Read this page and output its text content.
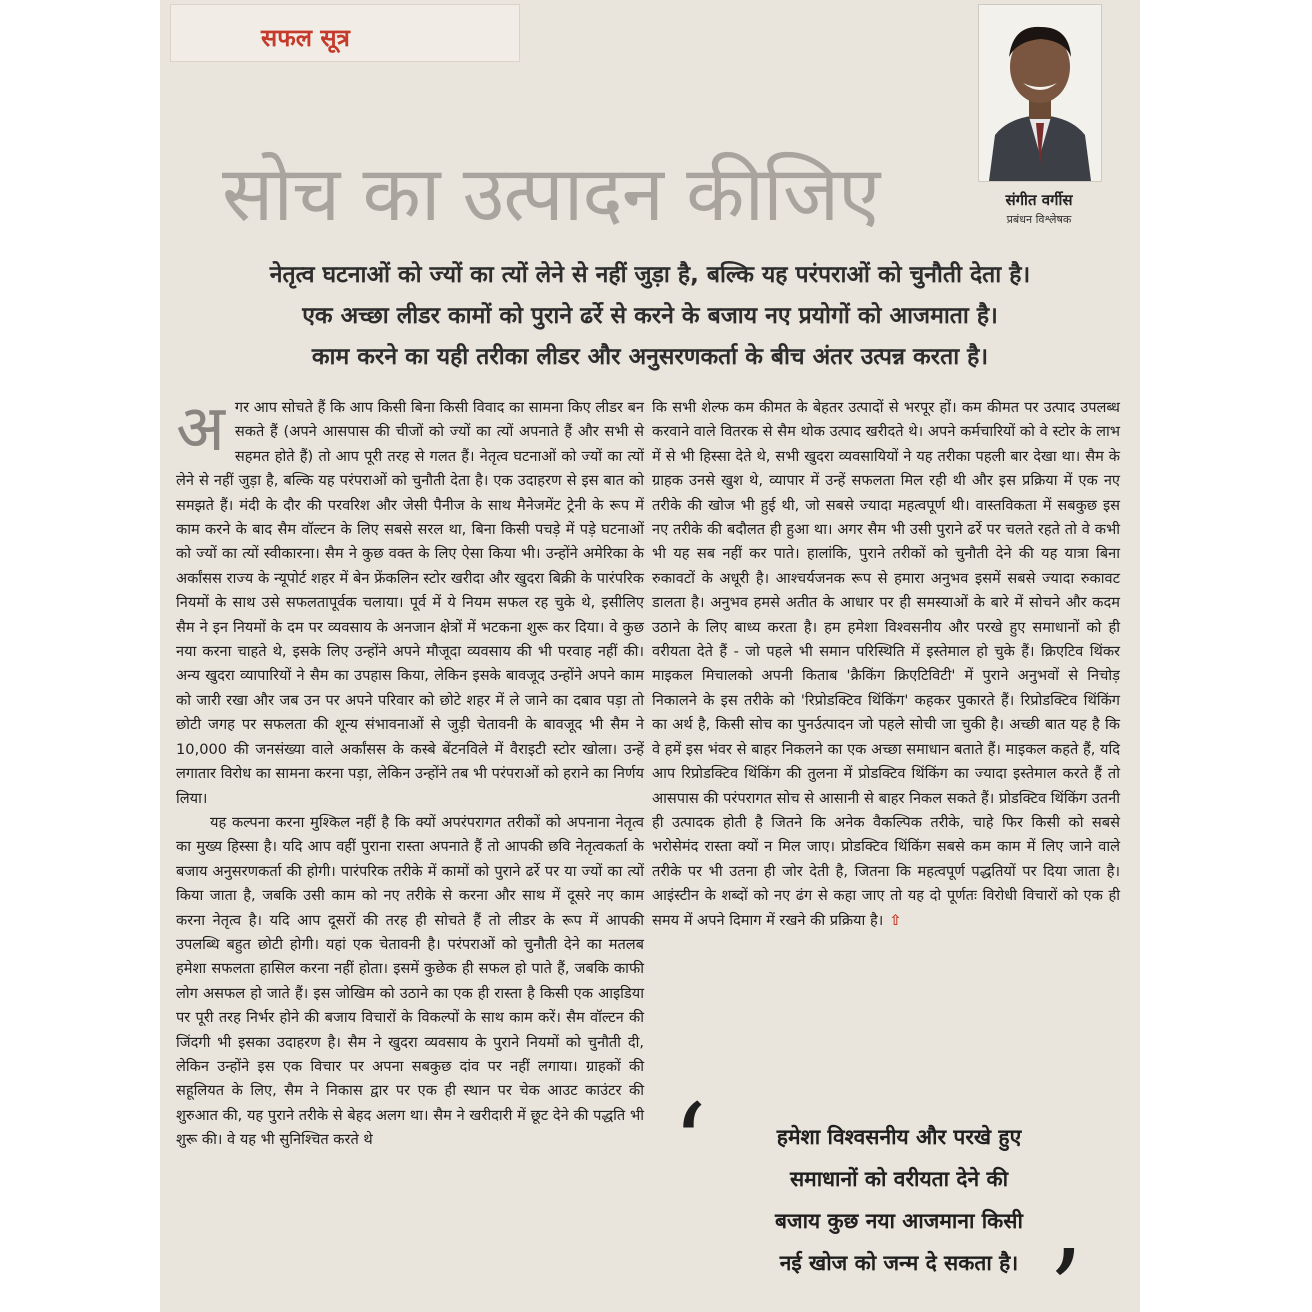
सफल सूत्र
संगीत वर्गीस
प्रबंधन विश्लेषक
सोच का उत्पादन कीजिए
नेतृत्व घटनाओं को ज्यों का त्यों लेने से नहीं जुड़ा है, बल्कि यह परंपराओं को चुनौती देता है।
एक अच्छा लीडर कामों को पुराने ढर्रे से करने के बजाय नए प्रयोगों को आजमाता है।
काम करने का यही तरीका लीडर और अनुसरणकर्ता के बीच अंतर उत्पन्न करता है।

अगर आप सोचते हैं कि आप किसी बिना किसी विवाद का सामना किए लीडर बन सकते हैं (अपने आसपास की चीजों को ज्यों का त्यों अपनाते हैं और सभी से सहमत होते हैं) तो आप पूरी तरह से गलत हैं। नेतृत्व घटनाओं को ज्यों का त्यों लेने से नहीं जुड़ा है, बल्कि यह परंपराओं को चुनौती देता है। एक उदाहरण से इस बात को समझते हैं। मंदी के दौर की परवरिश और जेसी पैनीज के साथ मैनेजमेंट ट्रेनी के रूप में काम करने के बाद सैम वॉल्टन के लिए सबसे सरल था, बिना किसी पचड़े में पड़े घटनाओं को ज्यों का त्यों स्वीकारना। सैम ने कुछ वक्त के लिए ऐसा किया भी। उन्होंने अमेरिका के अर्कांसस राज्य के न्यूपोर्ट शहर में बेन फ्रेंकलिन स्टोर खरीदा और खुदरा बिक्री के पारंपरिक नियमों के साथ उसे सफलतापूर्वक चलाया। पूर्व में ये नियम सफल रह चुके थे, इसीलिए सैम ने इन नियमों के दम पर व्यवसाय के अनजान क्षेत्रों में भटकना शुरू कर दिया। वे कुछ नया करना चाहते थे, इसके लिए उन्होंने अपने मौजूदा व्यवसाय की भी परवाह नहीं की। अन्य खुदरा व्यापारियों ने सैम का उपहास किया, लेकिन इसके बावजूद उन्होंने अपने काम को जारी रखा और जब उन पर अपने परिवार को छोटे शहर में ले जाने का दबाव पड़ा तो छोटी जगह पर सफलता की शून्य संभावनाओं से जुड़ी चेतावनी के बावजूद भी सैम ने 10,000 की जनसंख्या वाले अर्कांसस के कस्बे बेंटनविले में वैराइटी स्टोर खोला। उन्हें लगातार विरोध का सामना करना पड़ा, लेकिन उन्होंने तब भी परंपराओं को हराने का निर्णय लिया।

यह कल्पना करना मुश्किल नहीं है कि क्यों अपरंपरागत तरीकों को अपनाना नेतृत्व का मुख्य हिस्सा है। यदि आप वहीं पुराना रास्ता अपनाते हैं तो आपकी छवि नेतृत्वकर्ता के बजाय अनुसरणकर्ता की होगी। पारंपरिक तरीके में कामों को पुराने ढर्रे पर या ज्यों का त्यों किया जाता है, जबकि उसी काम को नए तरीके से करना और साथ में दूसरे नए काम करना नेतृत्व है। यदि आप दूसरों की तरह ही सोचते हैं तो लीडर के रूप में आपकी उपलब्धि बहुत छोटी होगी। यहां एक चेतावनी है। परंपराओं को चुनौती देने का मतलब हमेशा सफलता हासिल करना नहीं होता। इसमें कुछेक ही सफल हो पाते हैं, जबकि काफी लोग असफल हो जाते हैं। इस जोखिम को उठाने का एक ही रास्ता है किसी एक आइडिया पर पूरी तरह निर्भर होने की बजाय विचारों के विकल्पों के साथ काम करें। सैम वॉल्टन की जिंदगी भी इसका उदाहरण है। सैम ने खुदरा व्यवसाय के पुराने नियमों को चुनौती दी, लेकिन उन्होंने इस एक विचार पर अपना सबकुछ दांव पर नहीं लगाया। ग्राहकों की सहूलियत के लिए, सैम ने निकास द्वार पर एक ही स्थान पर चेक आउट काउंटर की शुरुआत की, यह पुराने तरीके से बेहद अलग था। सैम ने खरीदारी में छूट देने की पद्धति भी शुरू की। वे यह भी सुनिश्चित करते थे

कि सभी शेल्फ कम कीमत के बेहतर उत्पादों से भरपूर हों। कम कीमत पर उत्पाद उपलब्ध करवाने वाले वितरक से सैम थोक उत्पाद खरीदते थे। अपने कर्मचारियों को वे स्टोर के लाभ में से भी हिस्सा देते थे, सभी खुदरा व्यवसायियों ने यह तरीका पहली बार देखा था। सैम के ग्राहक उनसे खुश थे, व्यापार में उन्हें सफलता मिल रही थी और इस प्रक्रिया में एक नए तरीके की खोज भी हुई थी, जो सबसे ज्यादा महत्वपूर्ण थी। वास्तविकता में सबकुछ इस नए तरीके की बदौलत ही हुआ था। अगर सैम भी उसी पुराने ढर्रे पर चलते रहते तो वे कभी भी यह सब नहीं कर पाते। हालांकि, पुराने तरीकों को चुनौती देने की यह यात्रा बिना रुकावटों के अधूरी है। आश्चर्यजनक रूप से हमारा अनुभव इसमें सबसे ज्यादा रुकावट डालता है। अनुभव हमसे अतीत के आधार पर ही समस्याओं के बारे में सोचने और कदम उठाने के लिए बाध्य करता है। हम हमेशा विश्वसनीय और परखे हुए समाधानों को ही वरीयता देते हैं - जो पहले भी समान परिस्थिति में इस्तेमाल हो चुके हैं। क्रिएटिव थिंकर माइकल मिचालको अपनी किताब 'क्रैकिंग क्रिएटिविटी' में पुराने अनुभवों से निचोड़ निकालने के इस तरीके को 'रिप्रोडक्टिव थिंकिंग' कहकर पुकारते हैं। रिप्रोडक्टिव थिंकिंग का अर्थ है, किसी सोच का पुनर्उत्पादन जो पहले सोची जा चुकी है। अच्छी बात यह है कि वे हमें इस भंवर से बाहर निकलने का एक अच्छा समाधान बताते हैं। माइकल कहते हैं, यदि आप रिप्रोडक्टिव थिंकिंग की तुलना में प्रोडक्टिव थिंकिंग का ज्यादा इस्तेमाल करते हैं तो आसपास की परंपरागत सोच से आसानी से बाहर निकल सकते हैं। प्रोडक्टिव थिंकिंग उतनी ही उत्पादक होती है जितने कि अनेक वैकल्पिक तरीके, चाहे फिर किसी को सबसे भरोसेमंद रास्ता क्यों न मिल जाए। प्रोडक्टिव थिंकिंग सबसे कम काम में लिए जाने वाले तरीके पर भी उतना ही जोर देती है, जितना कि महत्वपूर्ण पद्धतियों पर दिया जाता है। आइंस्टीन के शब्दों को नए ढंग से कहा जाए तो यह दो पूर्णतः विरोधी विचारों को एक ही समय में अपने दिमाग में रखने की प्रक्रिया है। ⇧

‘	हमेशा विश्वसनीय और परखे हुए
समाधानों को वरीयता देने की
बजाय कुछ नया आजमाना किसी
नई खोज को जन्म दे सकता है। ’
